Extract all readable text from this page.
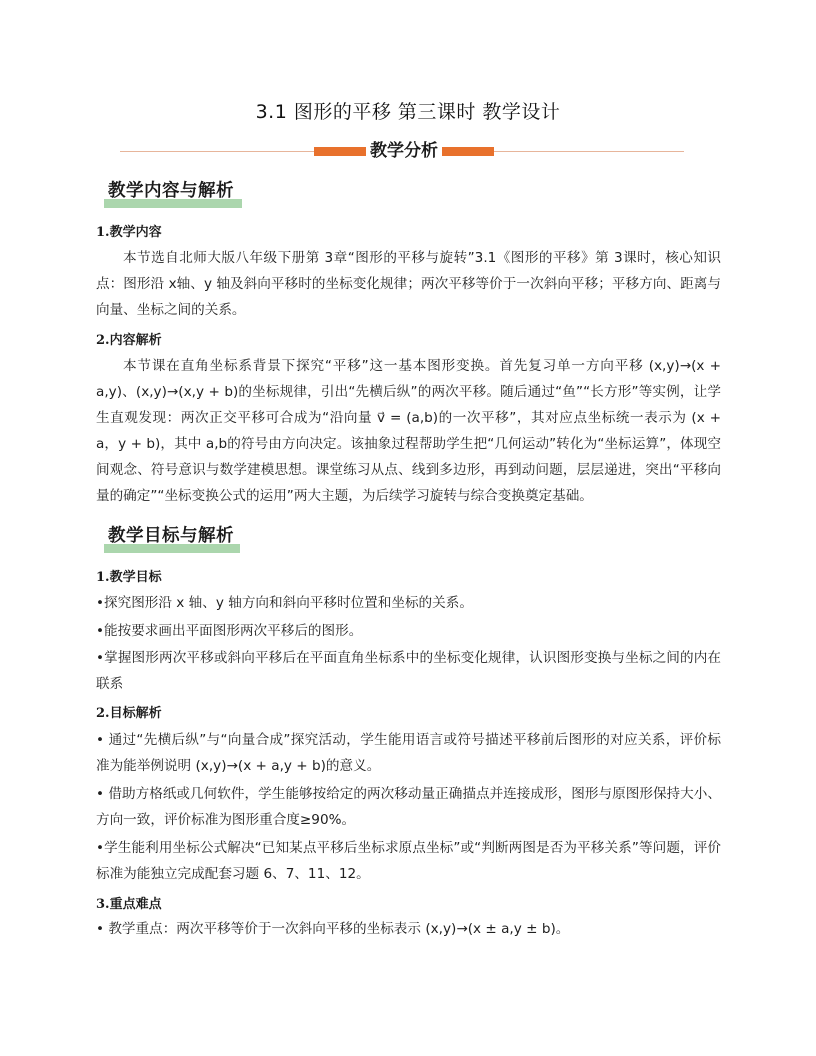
3.1 图形的平移 第三课时 教学设计
教学分析
教学内容与解析
1.教学内容

本节选自北师大版八年级下册第 3章“图形的平移与旋转”3.1《图形的平移》第 3课时，核心知识点：图形沿 x轴、y 轴及斜向平移时的坐标变化规律；两次平移等价于一次斜向平移；平移方向、距离与向量、坐标之间的关系。

2.内容解析

本节课在直角坐标系背景下探究“平移”这一基本图形变换。首先复习单一方向平移 (x,y)→(x + a,y)、(x,y)→(x,y + b)的坐标规律，引出“先横后纵”的两次平移。随后通过“鱼”“长方形”等实例，让学生直观发现：两次正交平移可合成为“沿向量 v⃗ = (a,b)的一次平移”，其对应点坐标统一表示为 (x + a，y + b)，其中 a,b的符号由方向决定。该抽象过程帮助学生把“几何运动”转化为“坐标运算”，体现空间观念、符号意识与数学建模思想。课堂练习从点、线到多边形，再到动问题，层层递进，突出“平移向量的确定”“坐标变换公式的运用”两大主题，为后续学习旋转与综合变换奠定基础。

教学目标与解析
1.教学目标

•探究图形沿 x 轴、y 轴方向和斜向平移时位置和坐标的关系。

•能按要求画出平面图形两次平移后的图形。

•掌握图形两次平移或斜向平移后在平面直角坐标系中的坐标变化规律，认识图形变换与坐标之间的内在联系

2.目标解析

• 通过“先横后纵”与“向量合成”探究活动，学生能用语言或符号描述平移前后图形的对应关系，评价标准为能举例说明 (x,y)→(x + a,y + b)的意义。

• 借助方格纸或几何软件，学生能够按给定的两次移动量正确描点并连接成形，图形与原图形保持大小、方向一致，评价标准为图形重合度≥90%。

•学生能利用坐标公式解决“已知某点平移后坐标求原点坐标”或“判断两图是否为平移关系”等问题，评价标准为能独立完成配套习题 6、7、11、12。

3.重点难点

• 教学重点：两次平移等价于一次斜向平移的坐标表示 (x,y)→(x ± a,y ± b)。
